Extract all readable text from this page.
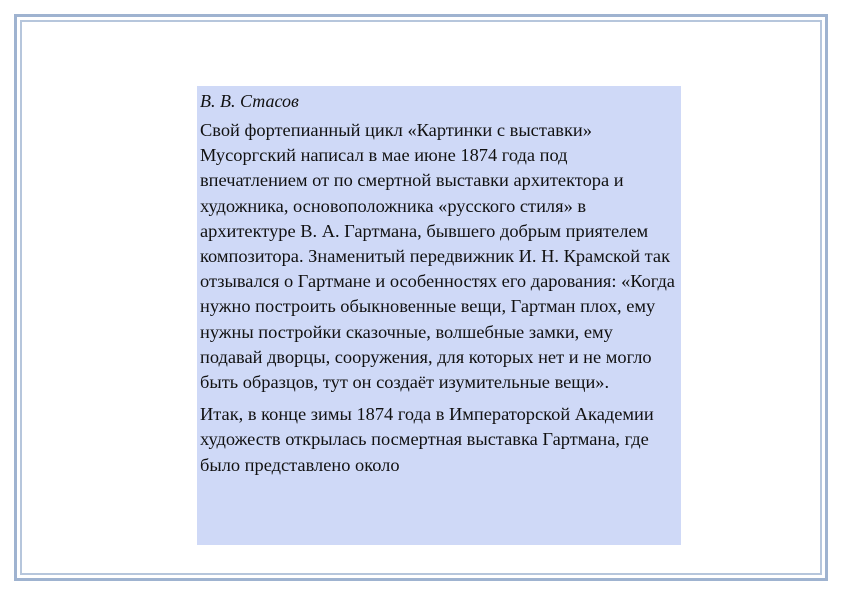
В. В. Стасов
Свой фортепианный цикл «Картинки с выставки» Мусоргский написал в мае июне 1874 года под впечатлением от по смертной выставки архитектора и художника, основоположника «русского стиля» в архитектуре В. А. Гартмана, бывшего добрым приятелем композитора. Знаменитый передвижник И. Н. Крамской так отзывался о Гартмане и особенностях его дарования: «Когда нужно построить обыкновенные вещи, Гартман плох, ему нужны постройки сказочные, волшебные замки, ему подавай дворцы, сооружения, для которых нет и не могло быть образцов, тут он создаёт изумительные вещи».
Итак, в конце зимы 1874 года в Императорской Академии художеств открылась посмертная выставка Гартмана, где было представлено около
